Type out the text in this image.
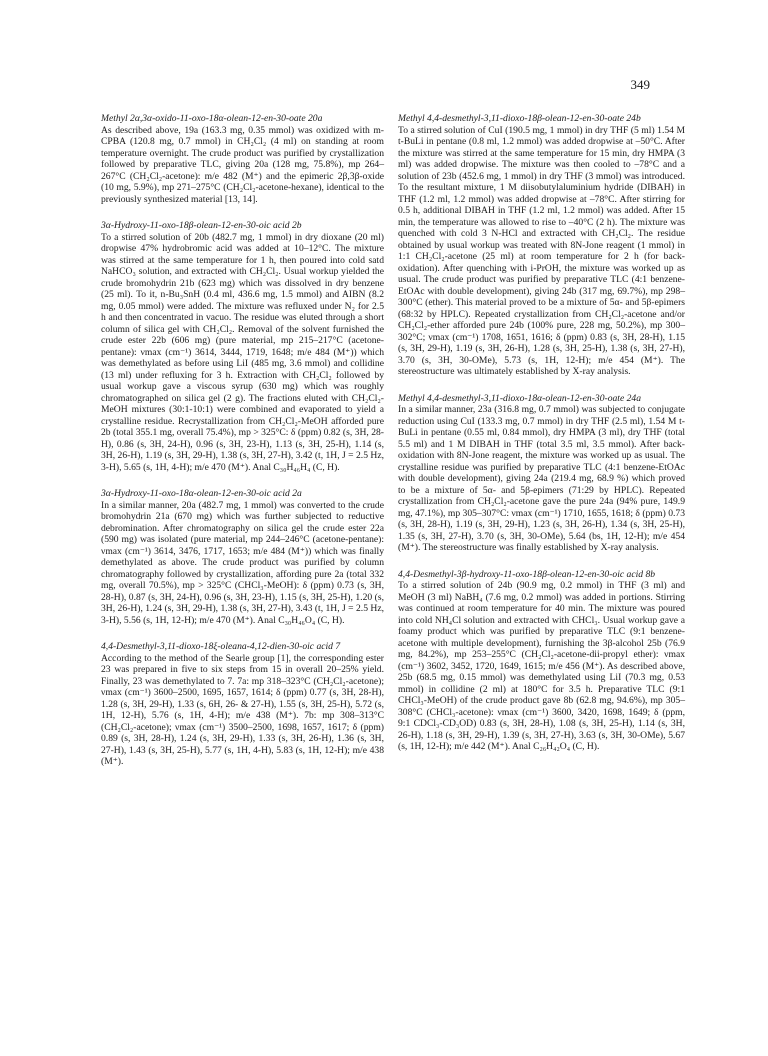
349

Methyl 2α,3α-oxido-11-oxo-18α-olean-12-en-30-oate 20a

As described above, 19a (163.3 mg, 0.35 mmol) was oxidized with m-CPBA (120.8 mg, 0.7 mmol) in CH₂Cl₂ (4 ml) on standing at room temperature overnight. The crude product was purified by crystallization followed by preparative TLC, giving 20a (128 mg, 75.8%), mp 264–267°C (CH₂Cl₂-acetone): m/e 482 (M⁺) and the epimeric 2β,3β-oxide (10 mg, 5.9%), mp 271–275°C (CH₂Cl₂-acetone-hexane), identical to the previously synthesized material [13, 14].

3α-Hydroxy-11-oxo-18β-olean-12-en-30-oic acid 2b

To a stirred solution of 20b (482.7 mg, 1 mmol) in dry dioxane (20 ml) dropwise 47% hydrobromic acid was added at 10–12°C. The mixture was stirred at the same temperature for 1 h, then poured into cold satd NaHCO₃ solution, and extracted with CH₂Cl₂. Usual workup yielded the crude bromohydrin 21b (623 mg) which was dissolved in dry benzene (25 ml). To it, n-Bu₃SnH (0.4 ml, 436.6 mg, 1.5 mmol) and AIBN (8.2 mg, 0.05 mmol) were added. The mixture was refluxed under N₂ for 2.5 h and then concentrated in vacuo. The residue was eluted through a short column of silica gel with CH₂Cl₂. Removal of the solvent furnished the crude ester 22b (606 mg) (pure material, mp 215–217°C (acetone-pentane): νmax (cm⁻¹) 3614, 3444, 1719, 1648; m/e 484 (M⁺)) which was demethylated as before using LiI (485 mg, 3.6 mmol) and collidine (13 ml) under refluxing for 3 h. Extraction with CH₂Cl₂ followed by usual workup gave a viscous syrup (630 mg) which was roughly chromatographed on silica gel (2 g). The fractions eluted with CH₂Cl₂-MeOH mixtures (30:1-10:1) were combined and evaporated to yield a crystalline residue. Recrystallization from CH₂Cl₂-MeOH afforded pure 2b (total 355.1 mg, overall 75.4%), mp > 325°C: δ (ppm) 0.82 (s, 3H, 28-H), 0.86 (s, 3H, 24-H), 0.96 (s, 3H, 23-H), 1.13 (s, 3H, 25-H), 1.14 (s, 3H, 26-H), 1.19 (s, 3H, 29-H), 1.38 (s, 3H, 27-H), 3.42 (t, 1H, J = 2.5 Hz, 3-H), 5.65 (s, 1H, 4-H); m/e 470 (M⁺). Anal C₃₀H₄₆H₄ (C, H).

3α-Hydroxy-11-oxo-18α-olean-12-en-30-oic acid 2a

In a similar manner, 20a (482.7 mg, 1 mmol) was converted to the crude bromohydrin 21a (670 mg) which was further subjected to reductive debromination. After chromatography on silica gel the crude ester 22a (590 mg) was isolated (pure material, mp 244–246°C (acetone-pentane): νmax (cm⁻¹) 3614, 3476, 1717, 1653; m/e 484 (M⁺)) which was finally demethylated as above. The crude product was purified by column chromatography followed by crystallization, affording pure 2a (total 332 mg, overall 70.5%), mp > 325°C (CHCl₃-MeOH): δ (ppm) 0.73 (s, 3H, 28-H), 0.87 (s, 3H, 24-H), 0.96 (s, 3H, 23-H), 1.15 (s, 3H, 25-H), 1.20 (s, 3H, 26-H), 1.24 (s, 3H, 29-H), 1.38 (s, 3H, 27-H), 3.43 (t, 1H, J = 2.5 Hz, 3-H), 5.56 (s, 1H, 12-H); m/e 470 (M⁺). Anal C₃₀H₄₆O₄ (C, H).

4,4-Desmethyl-3,11-dioxo-18ξ-oleana-4,12-dien-30-oic acid 7

According to the method of the Searle group [1], the corresponding ester 23 was prepared in five to six steps from 15 in overall 20–25% yield. Finally, 23 was demethylated to 7. 7a: mp 318–323°C (CH₂Cl₂-acetone); νmax (cm⁻¹) 3600–2500, 1695, 1657, 1614; δ (ppm) 0.77 (s, 3H, 28-H), 1.28 (s, 3H, 29-H), 1.33 (s, 6H, 26- & 27-H), 1.55 (s, 3H, 25-H), 5.72 (s, 1H, 12-H), 5.76 (s, 1H, 4-H); m/e 438 (M⁺). 7b: mp 308–313°C (CH₂Cl₂-acetone); νmax (cm⁻¹) 3500–2500, 1698, 1657, 1617; δ (ppm) 0.89 (s, 3H, 28-H), 1.24 (s, 3H, 29-H), 1.33 (s, 3H, 26-H), 1.36 (s, 3H, 27-H), 1.43 (s, 3H, 25-H), 5.77 (s, 1H, 4-H), 5.83 (s, 1H, 12-H); m/e 438 (M⁺).

Methyl 4,4-desmethyl-3,11-dioxo-18β-olean-12-en-30-oate 24b

To a stirred solution of CuI (190.5 mg, 1 mmol) in dry THF (5 ml) 1.54 M t-BuLi in pentane (0.8 ml, 1.2 mmol) was added dropwise at –50°C. After the mixture was stirred at the same temperature for 15 min, dry HMPA (3 ml) was added dropwise. The mixture was then cooled to –78°C and a solution of 23b (452.6 mg, 1 mmol) in dry THF (3 mmol) was introduced. To the resultant mixture, 1 M diisobutylaluminium hydride (DIBAH) in THF (1.2 ml, 1.2 mmol) was added dropwise at –78°C. After stirring for 0.5 h, additional DIBAH in THF (1.2 ml, 1.2 mmol) was added. After 15 min, the temperature was allowed to rise to –40°C (2 h). The mixture was quenched with cold 3 N-HCl and extracted with CH₂Cl₂. The residue obtained by usual workup was treated with 8N-Jone reagent (1 mmol) in 1:1 CH₂Cl₂-acetone (25 ml) at room temperature for 2 h (for back-oxidation). After quenching with i-PrOH, the mixture was worked up as usual. The crude product was purified by preparative TLC (4:1 benzene-EtOAc with double development), giving 24b (317 mg, 69.7%), mp 298–300°C (ether). This material proved to be a mixture of 5α- and 5β-epimers (68:32 by HPLC). Repeated crystallization from CH₂Cl₂-acetone and/or CH₂Cl₂-ether afforded pure 24b (100% pure, 228 mg, 50.2%), mp 300–302°C; νmax (cm⁻¹) 1708, 1651, 1616; δ (ppm) 0.83 (s, 3H, 28-H), 1.15 (s, 3H, 29-H), 1.19 (s, 3H, 26-H), 1.28 (s, 3H, 25-H), 1.38 (s, 3H, 27-H), 3.70 (s, 3H, 30-OMe), 5.73 (s, 1H, 12-H); m/e 454 (M⁺). The stereostructure was ultimately established by X-ray analysis.

Methyl 4,4-desmethyl-3,11-dioxo-18α-olean-12-en-30-oate 24a

In a similar manner, 23a (316.8 mg, 0.7 mmol) was subjected to conjugate reduction using CuI (133.3 mg, 0.7 mmol) in dry THF (2.5 ml), 1.54 M t-BuLi in pentane (0.55 ml, 0.84 mmol), dry HMPA (3 ml), dry THF (total 5.5 ml) and 1 M DIBAH in THF (total 3.5 ml, 3.5 mmol). After back-oxidation with 8N-Jone reagent, the mixture was worked up as usual. The crystalline residue was purified by preparative TLC (4:1 benzene-EtOAc with double development), giving 24a (219.4 mg, 68.9 %) which proved to be a mixture of 5α- and 5β-epimers (71:29 by HPLC). Repeated crystallization from CH₂Cl₂-acetone gave the pure 24a (94% pure, 149.9 mg, 47.1%), mp 305–307°C: νmax (cm⁻¹) 1710, 1655, 1618; δ (ppm) 0.73 (s, 3H, 28-H), 1.19 (s, 3H, 29-H), 1.23 (s, 3H, 26-H), 1.34 (s, 3H, 25-H), 1.35 (s, 3H, 27-H), 3.70 (s, 3H, 30-OMe), 5.64 (bs, 1H, 12-H); m/e 454 (M⁺). The stereostructure was finally established by X-ray analysis.

4,4-Desmethyl-3β-hydroxy-11-oxo-18β-olean-12-en-30-oic acid 8b

To a stirred solution of 24b (90.9 mg, 0.2 mmol) in THF (3 ml) and MeOH (3 ml) NaBH₄ (7.6 mg, 0.2 mmol) was added in portions. Stirring was continued at room temperature for 40 min. The mixture was poured into cold NH₄Cl solution and extracted with CHCl₃. Usual workup gave a foamy product which was purified by preparative TLC (9:1 benzene-acetone with multiple development), furnishing the 3β-alcohol 25b (76.9 mg, 84.2%), mp 253–255°C (CH₂Cl₂-acetone-dii-propyl ether): νmax (cm⁻¹) 3602, 3452, 1720, 1649, 1615; m/e 456 (M⁺). As described above, 25b (68.5 mg, 0.15 mmol) was demethylated using LiI (70.3 mg, 0.53 mmol) in collidine (2 ml) at 180°C for 3.5 h. Preparative TLC (9:1 CHCl₃-MeOH) of the crude product gave 8b (62.8 mg, 94.6%), mp 305–308°C (CHCl₃-acetone): νmax (cm⁻¹) 3600, 3420, 1698, 1649; δ (ppm, 9:1 CDCl₃-CD₃OD) 0.83 (s, 3H, 28-H), 1.08 (s, 3H, 25-H), 1.14 (s, 3H, 26-H), 1.18 (s, 3H, 29-H), 1.39 (s, 3H, 27-H), 3.63 (s, 3H, 30-OMe), 5.67 (s, 1H, 12-H); m/e 442 (M⁺). Anal C₂₆H₄₂O₄ (C, H).
